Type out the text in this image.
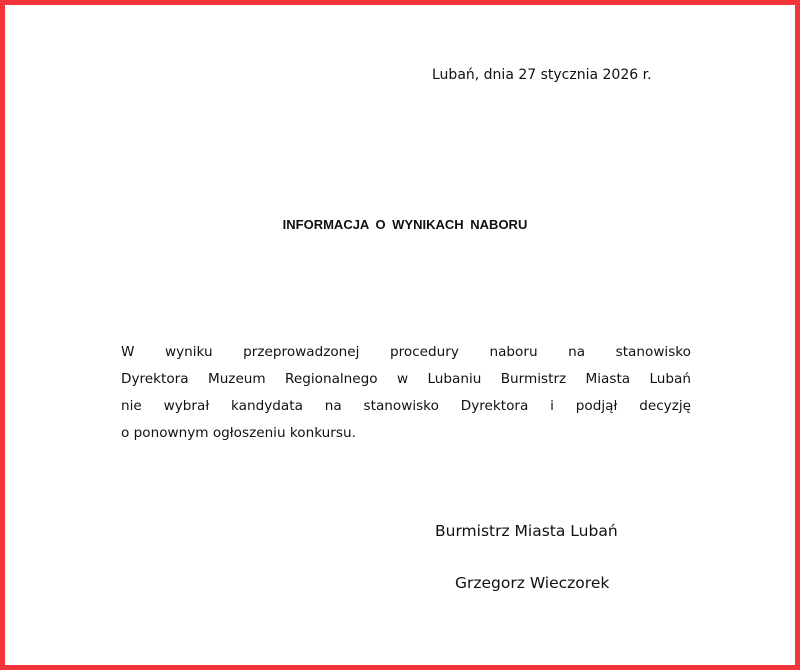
Lubań, dnia 27 stycznia 2026 r.
INFORMACJA O WYNIKACH NABORU
W wyniku przeprowadzonej procedury naboru na stanowisko
Dyrektora Muzeum Regionalnego w Lubaniu Burmistrz Miasta Lubań
nie wybrał kandydata na stanowisko Dyrektora i podjął decyzję
o ponownym ogłoszeniu konkursu.
Burmistrz Miasta Lubań
Grzegorz Wieczorek
